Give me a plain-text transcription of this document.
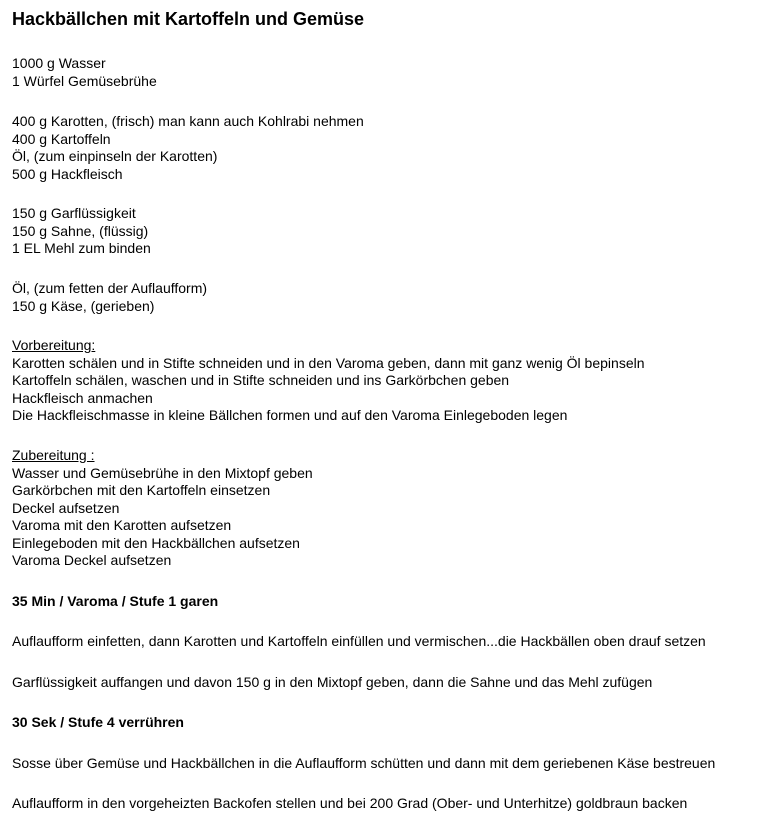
Hackbällchen mit Kartoffeln und Gemüse
1000 g Wasser
1 Würfel Gemüsebrühe
400 g Karotten, (frisch) man kann auch Kohlrabi nehmen
400 g Kartoffeln
Öl, (zum einpinseln der Karotten)
500 g Hackfleisch
150 g Garflüssigkeit
150 g Sahne, (flüssig)
1 EL Mehl zum binden
Öl, (zum fetten der Auflaufform)
150 g Käse, (gerieben)
Vorbereitung:
Karotten schälen und in Stifte schneiden und in den Varoma geben, dann mit ganz wenig Öl bepinseln
Kartoffeln schälen, waschen und in Stifte schneiden und ins Garkörbchen geben
Hackfleisch anmachen
Die Hackfleischmasse in kleine Bällchen formen und auf den Varoma Einlegeboden legen
Zubereitung :
Wasser und Gemüsebrühe in den Mixtopf geben
Garkörbchen mit den Kartoffeln einsetzen
Deckel aufsetzen
Varoma mit den Karotten aufsetzen
Einlegeboden mit den Hackbällchen aufsetzen
Varoma Deckel aufsetzen
35 Min / Varoma / Stufe 1 garen
Auflaufform einfetten, dann Karotten und Kartoffeln einfüllen und vermischen...die Hackbällen oben drauf setzen
Garflüssigkeit auffangen und davon 150 g in den Mixtopf geben, dann die Sahne und das Mehl zufügen
30 Sek / Stufe 4 verrühren
Sosse über Gemüse und Hackbällchen in die Auflaufform schütten und dann mit dem geriebenen Käse bestreuen
Auflaufform in den vorgeheizten Backofen stellen und bei 200 Grad (Ober- und Unterhitze) goldbraun backen
